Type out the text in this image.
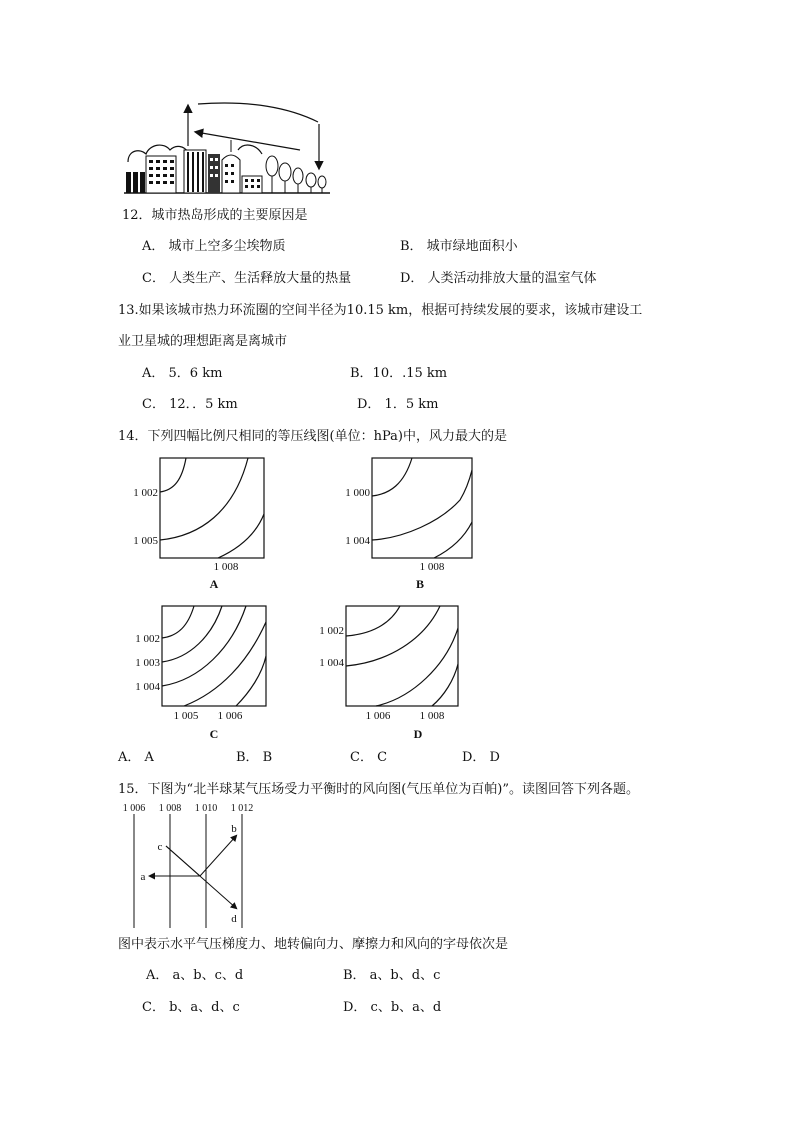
12．城市热岛形成的主要原因是
A． 城市上空多尘埃物质	B． 城市绿地面积小
C． 人类生产、生活释放大量的热量	D． 人类活动排放大量的温室气体
13.如果该城市热力环流圈的空间半径为10.15 km，根据可持续发展的要求，该城市建设工
业卫星城的理想距离是离城市
A． 5．6 km	B．10．.15 km
C． 12．．5 km	D． 1．5 km
14．下列四幅比例尺相同的等压线图(单位：hPa)中，风力最大的是
1 002
1 005
1 008
A
1 000
1 004
1 008
B
1 002
1 003
1 004
1 005 1 006
C
1 002
1 004
1 006	1 008
D
A． A	B． B	C． C	D． D
15．下图为“北半球某气压场受力平衡时的风向图(气压单位为百帕)”。读图回答下列各题。
1 006 1 008 1 010 1 012
a
b
c
d
图中表示水平气压梯度力、地转偏向力、摩擦力和风向的字母依次是
A． a、b、c、d	B． a、b、d、c
C． b、a、d、c	D． c、b、a、d
